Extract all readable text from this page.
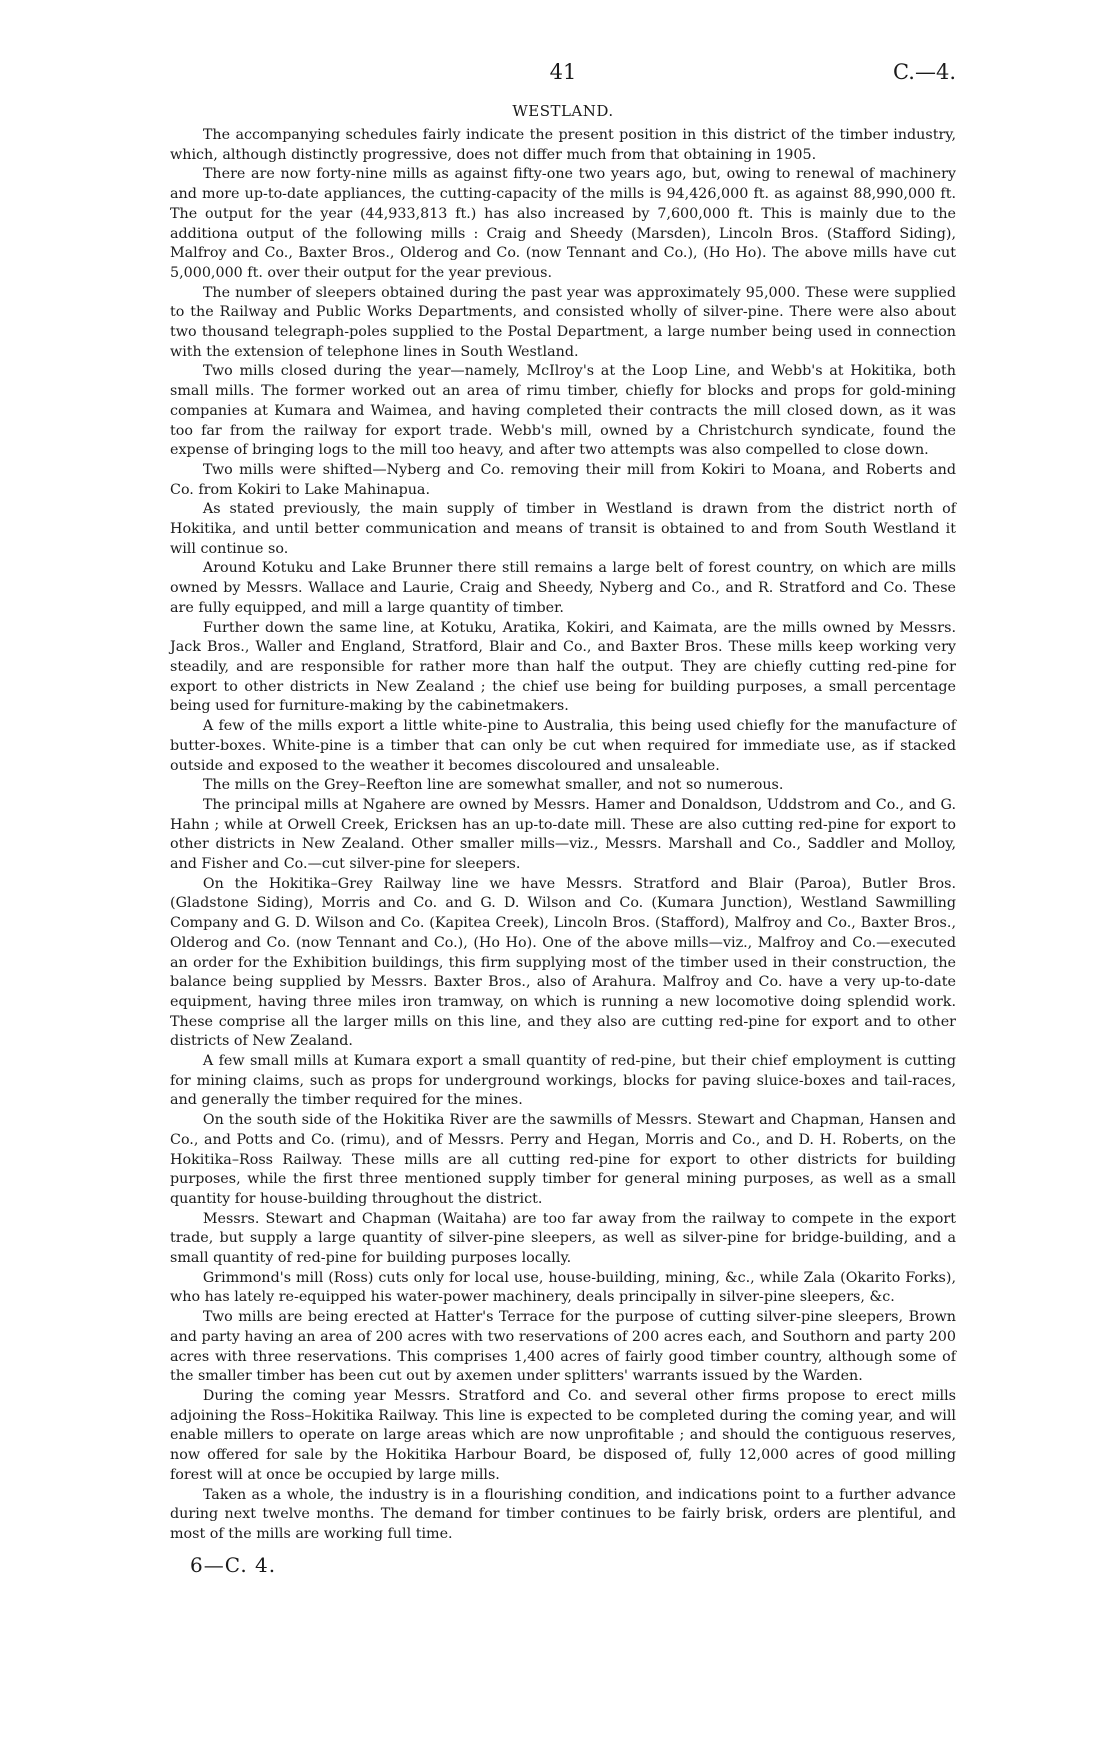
41	C.—4.
WESTLAND.

The accompanying schedules fairly indicate the present position in this district of the timber industry, which, although distinctly progressive, does not differ much from that obtaining in 1905.

There are now forty-nine mills as against fifty-one two years ago, but, owing to renewal of machinery and more up-to-date appliances, the cutting-capacity of the mills is 94,426,000 ft. as against 88,990,000 ft. The output for the year (44,933,813 ft.) has also increased by 7,600,000 ft. This is mainly due to the additiona output of the following mills : Craig and Sheedy (Marsden), Lincoln Bros. (Stafford Siding), Malfroy and Co., Baxter Bros., Olderog and Co. (now Tennant and Co.), (Ho Ho). The above mills have cut 5,000,000 ft. over their output for the year previous.

The number of sleepers obtained during the past year was approximately 95,000. These were supplied to the Railway and Public Works Departments, and consisted wholly of silver-pine. There were also about two thousand telegraph-poles supplied to the Postal Department, a large number being used in connection with the extension of telephone lines in South Westland.

Two mills closed during the year—namely, McIlroy's at the Loop Line, and Webb's at Hokitika, both small mills. The former worked out an area of rimu timber, chiefly for blocks and props for gold-mining companies at Kumara and Waimea, and having completed their contracts the mill closed down, as it was too far from the railway for export trade. Webb's mill, owned by a Christchurch syndicate, found the expense of bringing logs to the mill too heavy, and after two attempts was also compelled to close down.

Two mills were shifted—Nyberg and Co. removing their mill from Kokiri to Moana, and Roberts and Co. from Kokiri to Lake Mahinapua.

As stated previously, the main supply of timber in Westland is drawn from the district north of Hokitika, and until better communication and means of transit is obtained to and from South Westland it will continue so.

Around Kotuku and Lake Brunner there still remains a large belt of forest country, on which are mills owned by Messrs. Wallace and Laurie, Craig and Sheedy, Nyberg and Co., and R. Stratford and Co. These are fully equipped, and mill a large quantity of timber.

Further down the same line, at Kotuku, Aratika, Kokiri, and Kaimata, are the mills owned by Messrs. Jack Bros., Waller and England, Stratford, Blair and Co., and Baxter Bros. These mills keep working very steadily, and are responsible for rather more than half the output. They are chiefly cutting red-pine for export to other districts in New Zealand ; the chief use being for building purposes, a small percentage being used for furniture-making by the cabinetmakers.

A few of the mills export a little white-pine to Australia, this being used chiefly for the manufacture of butter-boxes. White-pine is a timber that can only be cut when required for immediate use, as if stacked outside and exposed to the weather it becomes discoloured and unsaleable.

The mills on the Grey–Reefton line are somewhat smaller, and not so numerous.

The principal mills at Ngahere are owned by Messrs. Hamer and Donaldson, Uddstrom and Co., and G. Hahn ; while at Orwell Creek, Ericksen has an up-to-date mill. These are also cutting red-pine for export to other districts in New Zealand. Other smaller mills—viz., Messrs. Marshall and Co., Saddler and Molloy, and Fisher and Co.—cut silver-pine for sleepers.

On the Hokitika–Grey Railway line we have Messrs. Stratford and Blair (Paroa), Butler Bros. (Gladstone Siding), Morris and Co. and G. D. Wilson and Co. (Kumara Junction), Westland Sawmilling Company and G. D. Wilson and Co. (Kapitea Creek), Lincoln Bros. (Stafford), Malfroy and Co., Baxter Bros., Olderog and Co. (now Tennant and Co.), (Ho Ho). One of the above mills—viz., Malfroy and Co.—executed an order for the Exhibition buildings, this firm supplying most of the timber used in their construction, the balance being supplied by Messrs. Baxter Bros., also of Arahura. Malfroy and Co. have a very up-to-date equipment, having three miles iron tramway, on which is running a new locomotive doing splendid work. These comprise all the larger mills on this line, and they also are cutting red-pine for export and to other districts of New Zealand.

A few small mills at Kumara export a small quantity of red-pine, but their chief employment is cutting for mining claims, such as props for underground workings, blocks for paving sluice-boxes and tail-races, and generally the timber required for the mines.

On the south side of the Hokitika River are the sawmills of Messrs. Stewart and Chapman, Hansen and Co., and Potts and Co. (rimu), and of Messrs. Perry and Hegan, Morris and Co., and D. H. Roberts, on the Hokitika–Ross Railway. These mills are all cutting red-pine for export to other districts for building purposes, while the first three mentioned supply timber for general mining purposes, as well as a small quantity for house-building throughout the district.

Messrs. Stewart and Chapman (Waitaha) are too far away from the railway to compete in the export trade, but supply a large quantity of silver-pine sleepers, as well as silver-pine for bridge-building, and a small quantity of red-pine for building purposes locally.

Grimmond's mill (Ross) cuts only for local use, house-building, mining, &c., while Zala (Okarito Forks), who has lately re-equipped his water-power machinery, deals principally in silver-pine sleepers, &c.

Two mills are being erected at Hatter's Terrace for the purpose of cutting silver-pine sleepers, Brown and party having an area of 200 acres with two reservations of 200 acres each, and Southorn and party 200 acres with three reservations. This comprises 1,400 acres of fairly good timber country, although some of the smaller timber has been cut out by axemen under splitters' warrants issued by the Warden.

During the coming year Messrs. Stratford and Co. and several other firms propose to erect mills adjoining the Ross–Hokitika Railway. This line is expected to be completed during the coming year, and will enable millers to operate on large areas which are now unprofitable ; and should the contiguous reserves, now offered for sale by the Hokitika Harbour Board, be disposed of, fully 12,000 acres of good milling forest will at once be occupied by large mills.

Taken as a whole, the industry is in a flourishing condition, and indications point to a further advance during next twelve months. The demand for timber continues to be fairly brisk, orders are plentiful, and most of the mills are working full time.

6—C. 4.
